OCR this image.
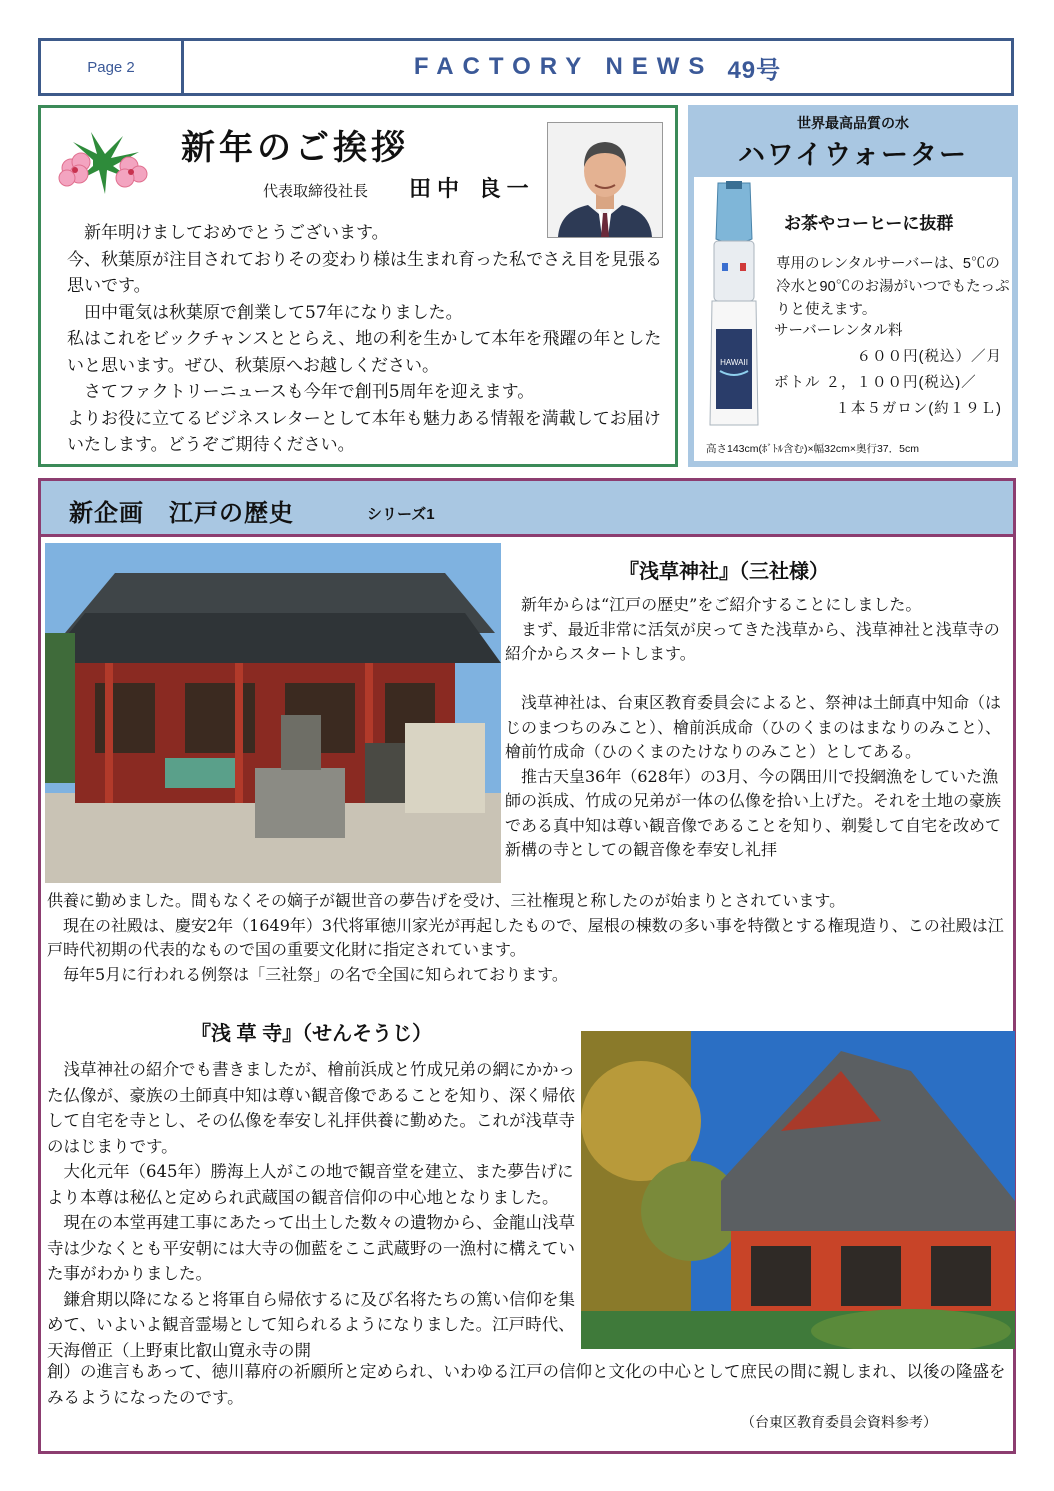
Page 2	FACTORY NEWS 49号
新年のご挨拶
代表取締役社長 田中 良一

　新年明けましておめでとうございます。

今、秋葉原が注目されておりその変わり様は生まれ育った私でさえ目を見張る思いです。

　田中電気は秋葉原で創業して57年になりました。

私はこれをビックチャンスととらえ、地の利を生かして本年を飛躍の年としたいと思います。ぜひ、秋葉原へお越しください。

　さてファクトリーニュースも今年で創刊5周年を迎えます。

よりお役に立てるビジネスレターとして本年も魅力ある情報を満載してお届けいたします。どうぞご期待ください。

世界最高品質の水
ハワイウォーター
HAWAII
お茶やコーヒーに抜群
専用のレンタルサーバーは、5℃の冷水と90℃のお湯がいつでもたっぷりと使えます。
サーバーレンタル料
６００円(税込）／月
ボトル ２，１００円(税込)／
１本５ガロン(約１９Ｌ)
高さ143cm(ﾎﾞﾄﾙ含む)×幅32cm×奥行37．5cm
新企画　江戸の歴史	シリーズ1
『浅草神社』（三社様）

　新年からは“江戸の歴史”をご紹介することにしました。

　まず、最近非常に活気が戻ってきた浅草から、浅草神社と浅草寺の紹介からスタートします。

　浅草神社は、台東区教育委員会によると、祭神は土師真中知命（はじのまつちのみこと）、檜前浜成命（ひのくまのはまなりのみこと）、檜前竹成命（ひのくまのたけなりのみこと）としてある。

　推古天皇36年（628年）の3月、今の隅田川で投網漁をしていた漁師の浜成、竹成の兄弟が一体の仏像を拾い上げた。それを土地の豪族である真中知は尊い観音像であることを知り、剃髪して自宅を改めて新構の寺としての観音像を奉安し礼拝

供養に勤めました。間もなくその嫡子が観世音の夢告げを受け、三社権現と称したのが始まりとされています。

　現在の社殿は、慶安2年（1649年）3代将軍徳川家光が再起したもので、屋根の棟数の多い事を特徴とする権現造り、この社殿は江戸時代初期の代表的なもので国の重要文化財に指定されています。

　毎年5月に行われる例祭は「三社祭」の名で全国に知られております。

『浅 草 寺』（せんそうじ）

　浅草神社の紹介でも書きましたが、檜前浜成と竹成兄弟の網にかかった仏像が、豪族の土師真中知は尊い観音像であることを知り、深く帰依して自宅を寺とし、その仏像を奉安し礼拝供養に勤めた。これが浅草寺のはじまりです。

　大化元年（645年）勝海上人がこの地で観音堂を建立、また夢告げにより本尊は秘仏と定められ武蔵国の観音信仰の中心地となりました。

　現在の本堂再建工事にあたって出土した数々の遺物から、金龍山浅草寺は少なくとも平安朝には大寺の伽藍をここ武蔵野の一漁村に構えていた事がわかりました。

　鎌倉期以降になると将軍自ら帰依するに及び名将たちの篤い信仰を集めて、いよいよ観音霊場として知られるようになりました。江戸時代、天海僧正（上野東比叡山寛永寺の開

創）の進言もあって、徳川幕府の祈願所と定められ、いわゆる江戸の信仰と文化の中心として庶民の間に親しまれ、以後の隆盛をみるようになったのです。

（台東区教育委員会資料参考）
